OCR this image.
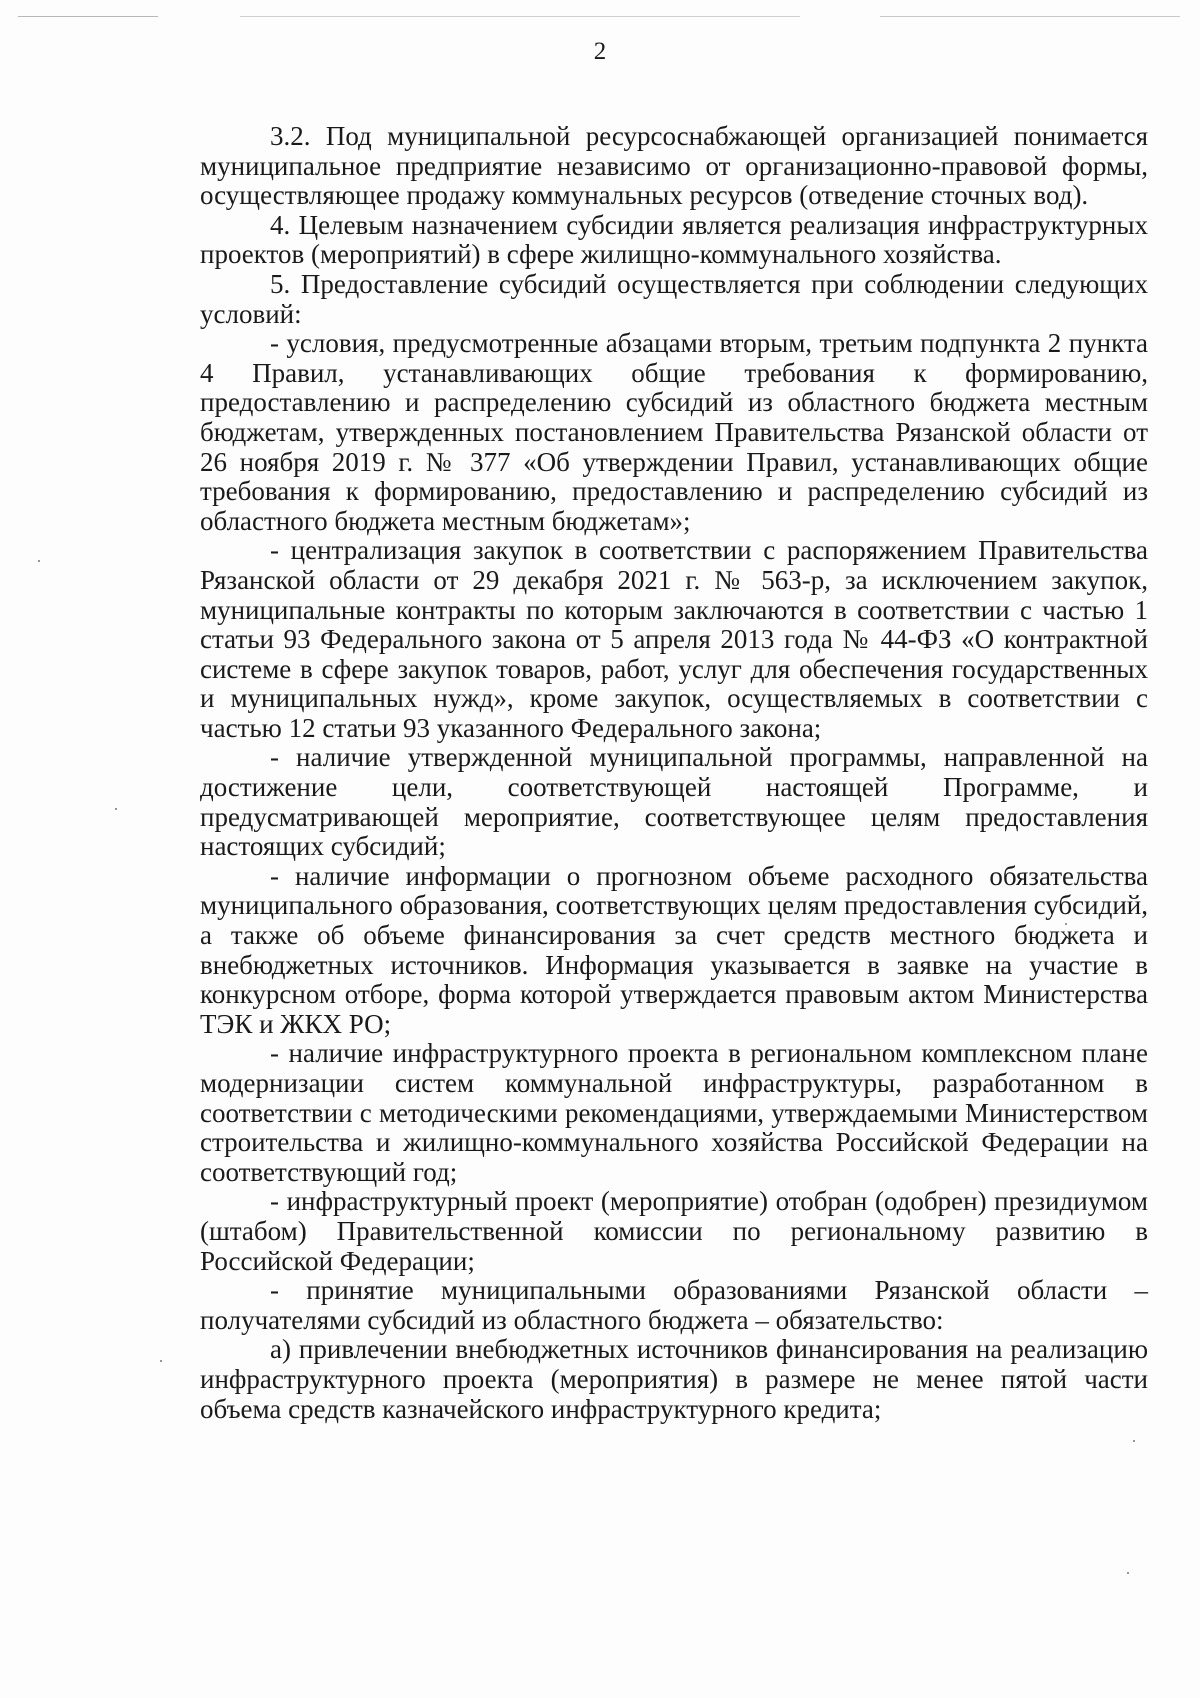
2

3.2. Под муниципальной ресурсоснабжающей организацией понимается муниципальное предприятие независимо от организационно-правовой формы, осуществляющее продажу коммунальных ресурсов (отведение сточных вод).

4. Целевым назначением субсидии является реализация инфраструктурных проектов (мероприятий) в сфере жилищно-коммунального хозяйства.

5. Предоставление субсидий осуществляется при соблюдении следующих условий:

- условия, предусмотренные абзацами вторым, третьим подпункта 2 пункта 4 Правил, устанавливающих общие требования к формированию, предоставлению и распределению субсидий из областного бюджета местным бюджетам, утвержденных постановлением Правительства Рязанской области от 26 ноября 2019 г. № 377 «Об утверждении Правил, устанавливающих общие требования к формированию, предоставлению и распределению субсидий из областного бюджета местным бюджетам»;

- централизация закупок в соответствии с распоряжением Правительства Рязанской области от 29 декабря 2021 г. № 563-р, за исключением закупок, муниципальные контракты по которым заключаются в соответствии с частью 1 статьи 93 Федерального закона от 5 апреля 2013 года № 44-ФЗ «О контрактной системе в сфере закупок товаров, работ, услуг для обеспечения государственных и муниципальных нужд», кроме закупок, осуществляемых в соответствии с частью 12 статьи 93 указанного Федерального закона;

- наличие утвержденной муниципальной программы, направленной на достижение цели, соответствующей настоящей Программе, и предусматривающей мероприятие, соответствующее целям предоставления настоящих субсидий;

- наличие информации о прогнозном объеме расходного обязательства муниципального образования, соответствующих целям предоставления субсидий, а также об объеме финансирования за счет средств местного бюджета и внебюджетных источников. Информация указывается в заявке на участие в конкурсном отборе, форма которой утверждается правовым актом Министерства ТЭК и ЖКХ РО;

- наличие инфраструктурного проекта в региональном комплексном плане модернизации систем коммунальной инфраструктуры, разработанном в соответствии с методическими рекомендациями, утверждаемыми Министерством строительства и жилищно-коммунального хозяйства Российской Федерации на соответствующий год;

- инфраструктурный проект (мероприятие) отобран (одобрен) президиумом (штабом) Правительственной комиссии по региональному развитию в Российской Федерации;

- принятие муниципальными образованиями Рязанской области – получателями субсидий из областного бюджета – обязательство:

а) привлечении внебюджетных источников финансирования на реализацию инфраструктурного проекта (мероприятия) в размере не менее пятой части объема средств казначейского инфраструктурного кредита;
